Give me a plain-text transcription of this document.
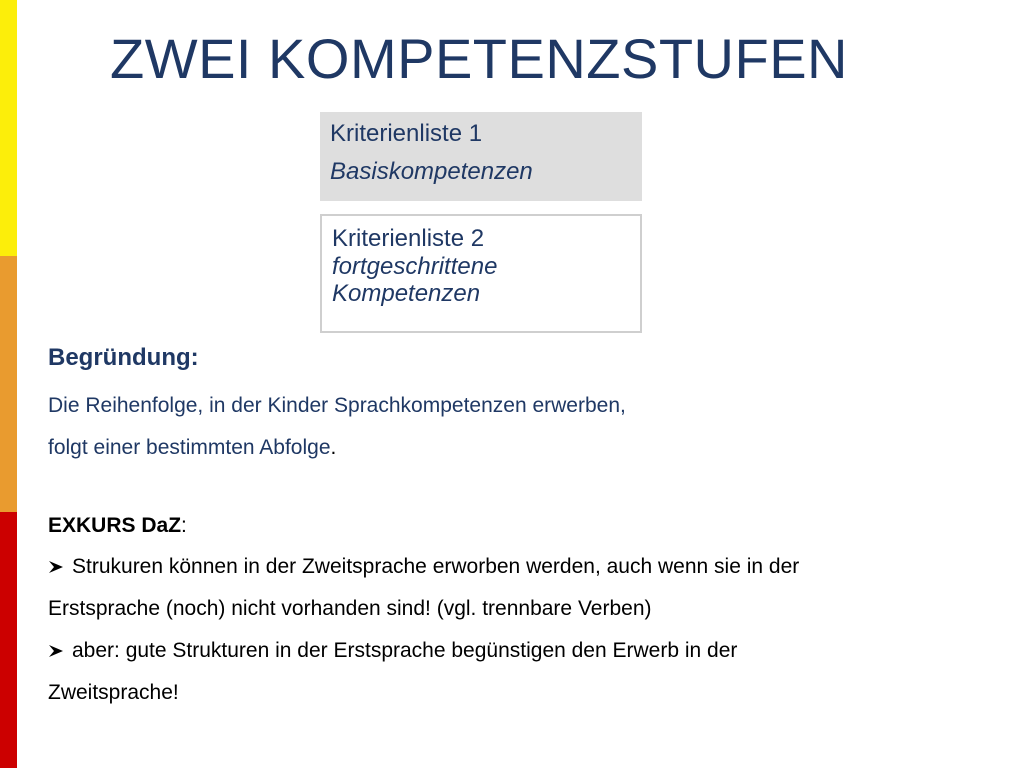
ZWEI KOMPETENZSTUFEN
Kriterienliste 1
Basiskompetenzen
Kriterienliste 2
fortgeschrittene
Kompetenzen
Begründung:
Die Reihenfolge, in der Kinder Sprachkompetenzen erwerben,
folgt einer bestimmten Abfolge.
EXKURS DaZ:
Strukuren können in der Zweitsprache erworben werden, auch wenn sie in der
Erstsprache (noch) nicht vorhanden sind! (vgl. trennbare Verben)
aber: gute Strukturen in der Erstsprache begünstigen den Erwerb in der
Zweitsprache!
